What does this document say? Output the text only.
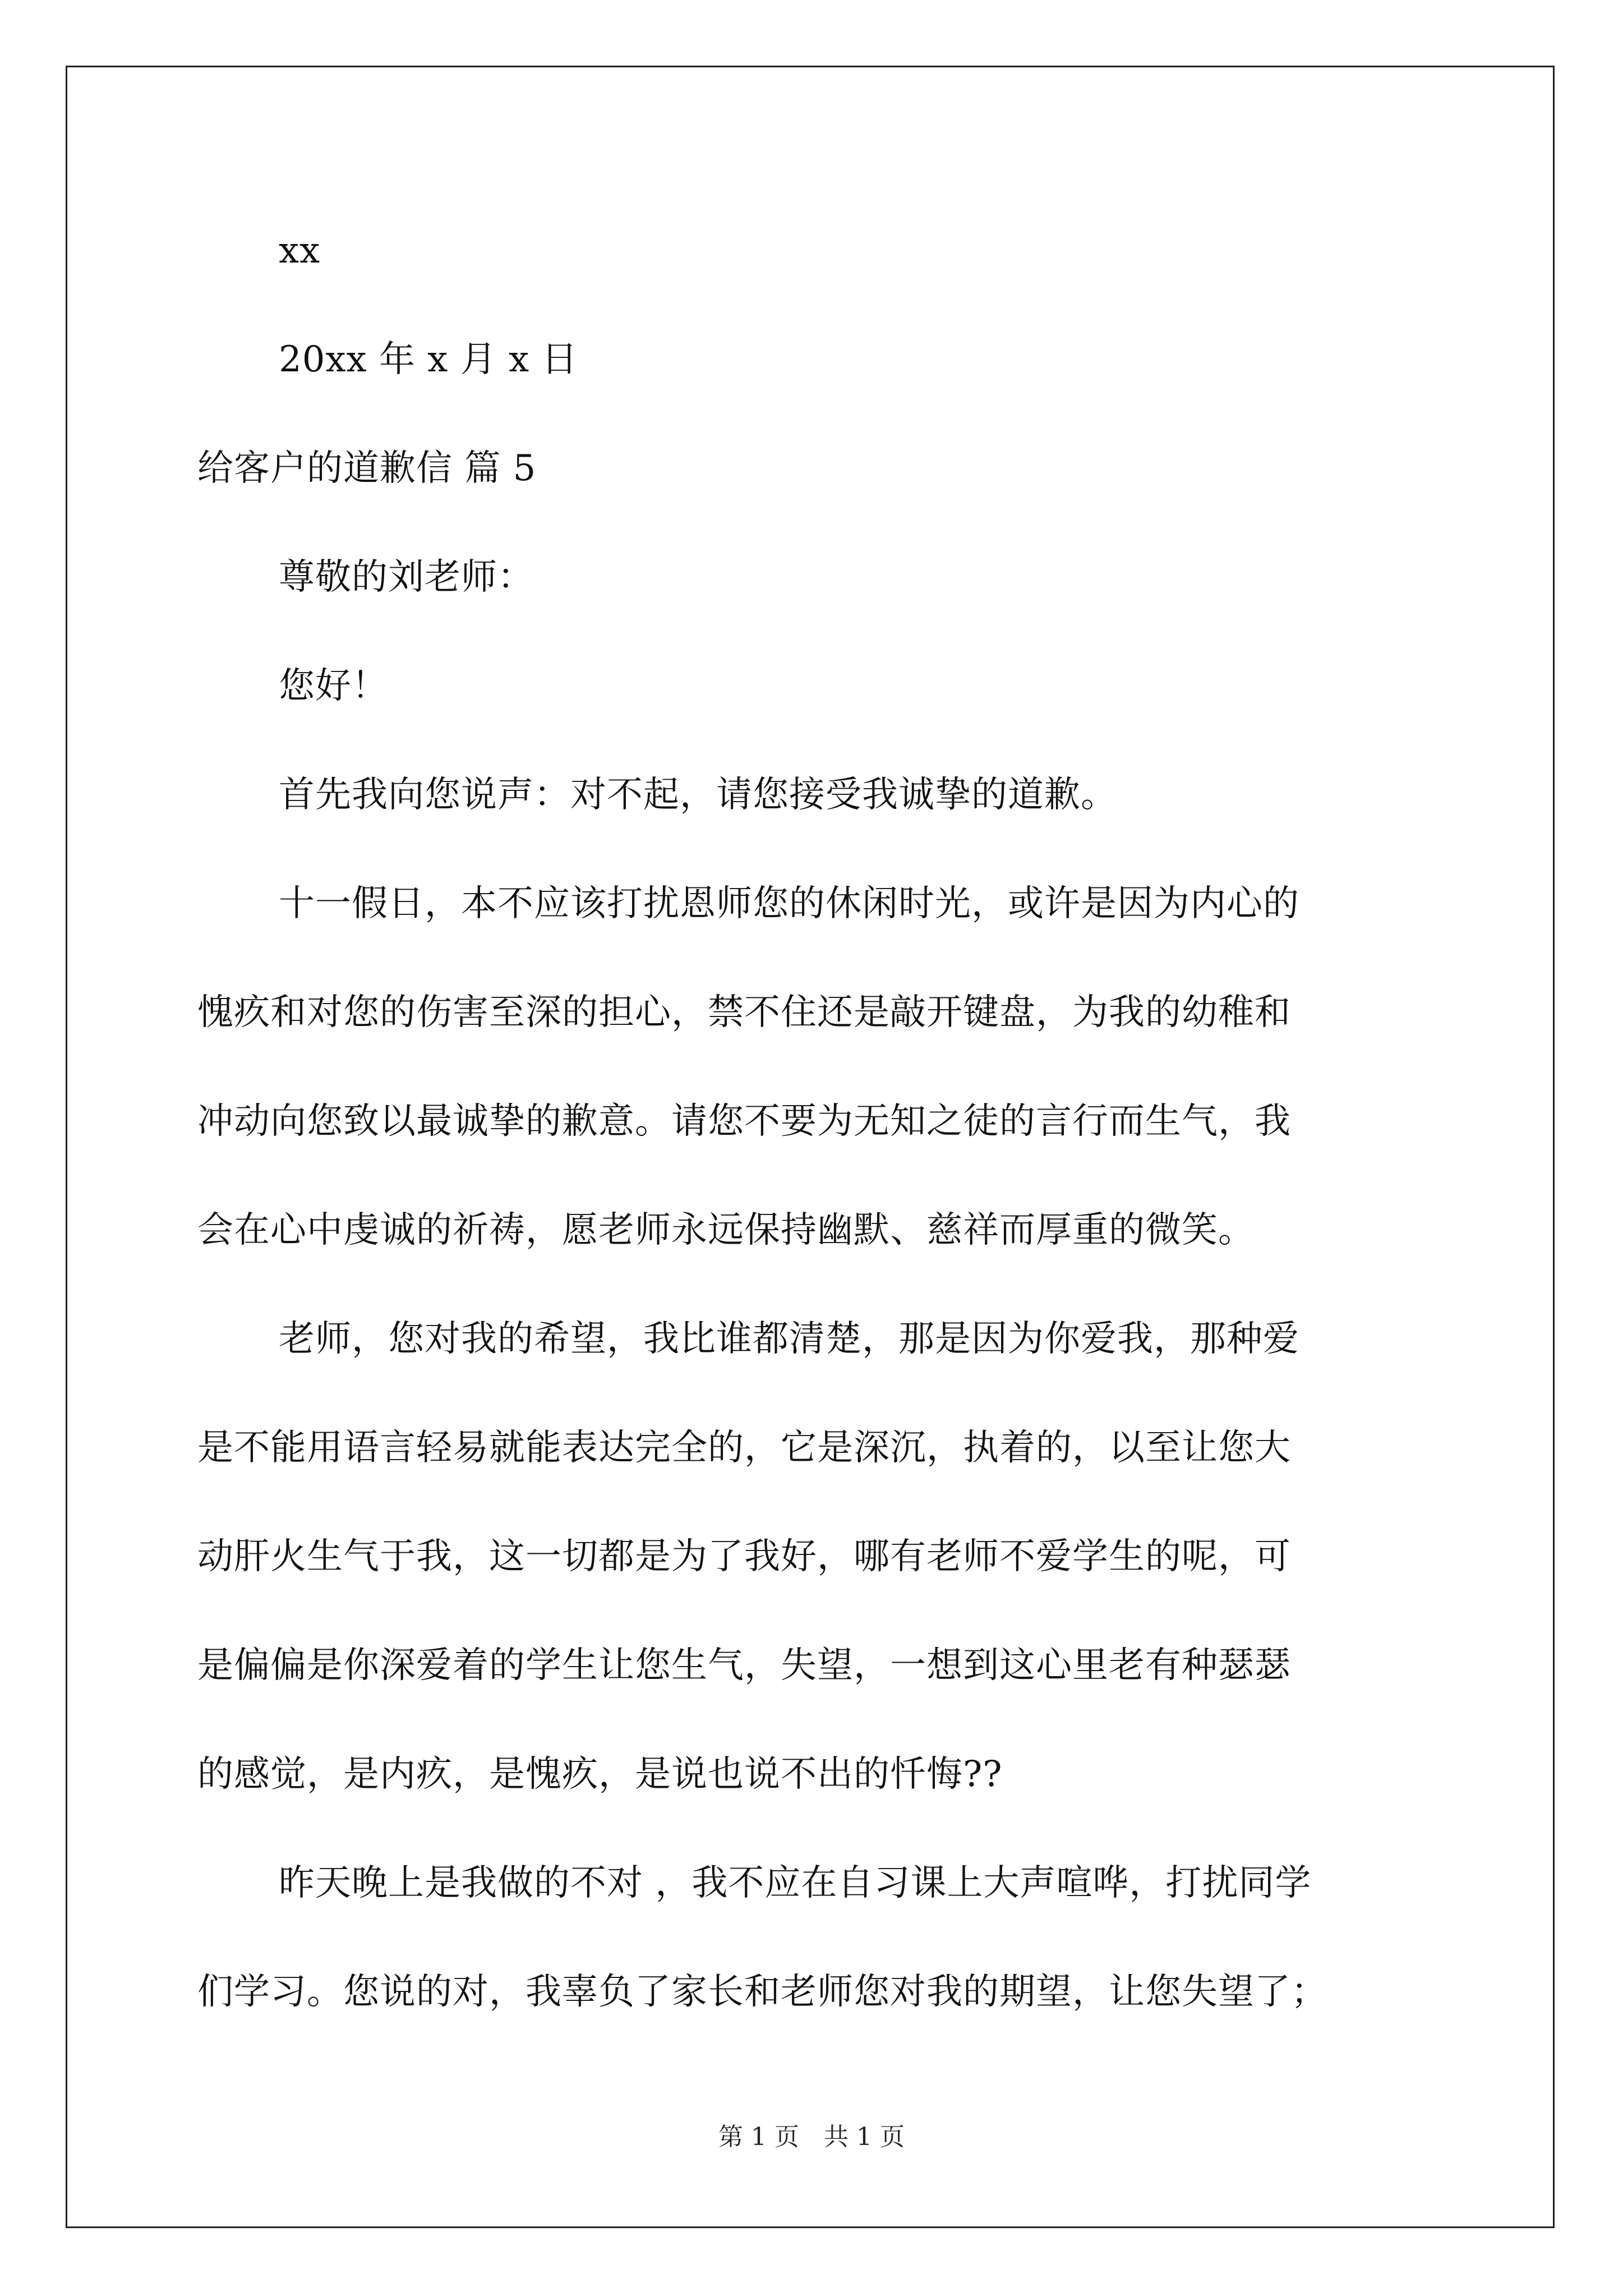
xx
20xx 年 x 月 x 日
给客户的道歉信 篇 5
尊敬的刘老师：
您好！
首先我向您说声：对不起，请您接受我诚挚的道歉。
十一假日，本不应该打扰恩师您的休闲时光，或许是因为内心的
愧疚和对您的伤害至深的担心，禁不住还是敲开键盘，为我的幼稚和
冲动向您致以最诚挚的歉意。请您不要为无知之徒的言行而生气，我
会在心中虔诚的祈祷，愿老师永远保持幽默、慈祥而厚重的微笑。
老师，您对我的希望，我比谁都清楚，那是因为你爱我，那种爱
是不能用语言轻易就能表达完全的，它是深沉，执着的，以至让您大
动肝火生气于我，这一切都是为了我好，哪有老师不爱学生的呢，可
是偏偏是你深爱着的学生让您生气，失望，一想到这心里老有种瑟瑟
的感觉，是内疚，是愧疚，是说也说不出的忏悔??
昨天晚上是我做的不对 ，我不应在自习课上大声喧哗，打扰同学
们学习。您说的对，我辜负了家长和老师您对我的期望，让您失望了；
第 1 页　共 1 页
